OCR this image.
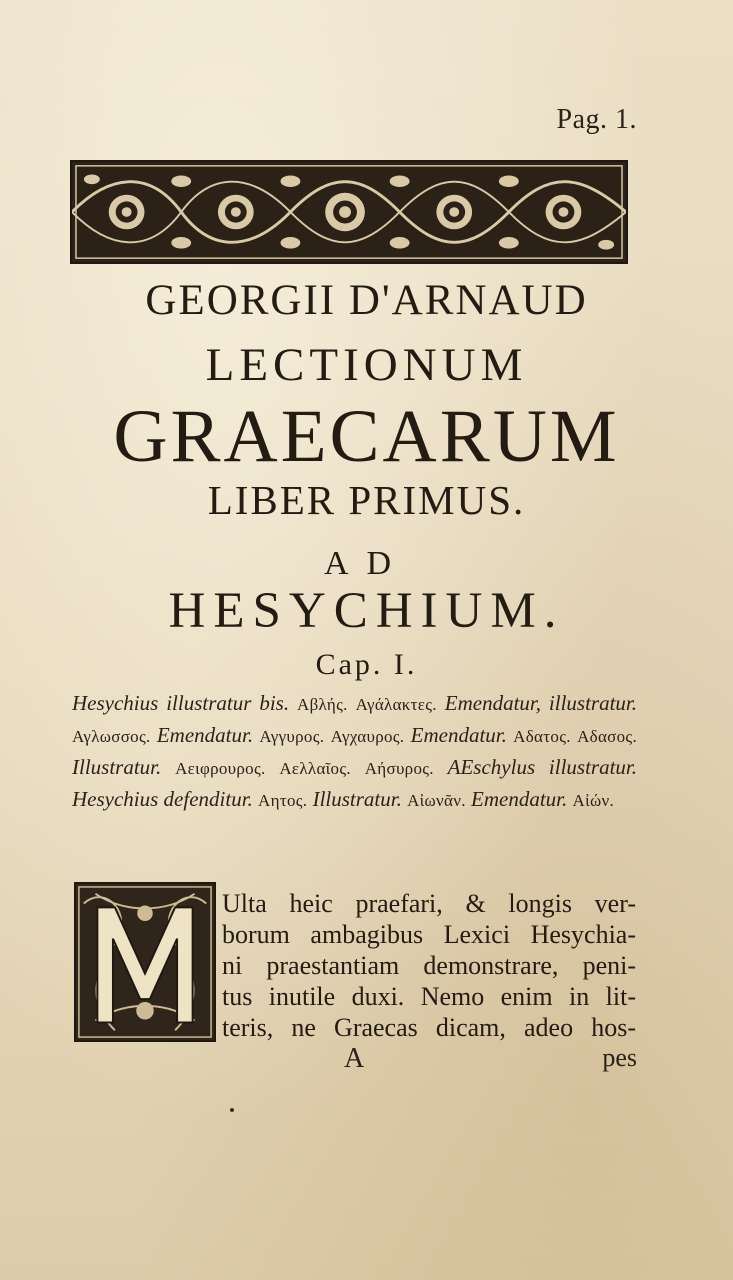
Pag. 1.
GEORGII D'ARNAUD
LECTIONUM
GRAECARUM
LIBER PRIMUS.
AD
HESYCHIUM.
Cap. I.

Hesychius illustratur bis. Αβλής. Αγάλακτες. Emendatur, illustratur. Αγλωσσος. Emendatur. Αγγυρος. Αγχαυρος. Emendatur. Αδατος. Αδασος. Illustratur. Αειφρουρος. Αελλαῖος. Αήσυρος. AEschylus illustratur. Hesychius defenditur. Αητος. Illustratur. Αἰωνᾶν. Emendatur. Αἰών.

Ulta heic praefari, & longis ver-
borum ambagibus Lexici Hesychia-
ni praestantiam demonstrare, peni-
tus inutile duxi. Nemo enim in lit-
teris, ne Graecas dicam, adeo hos-
A	pes
